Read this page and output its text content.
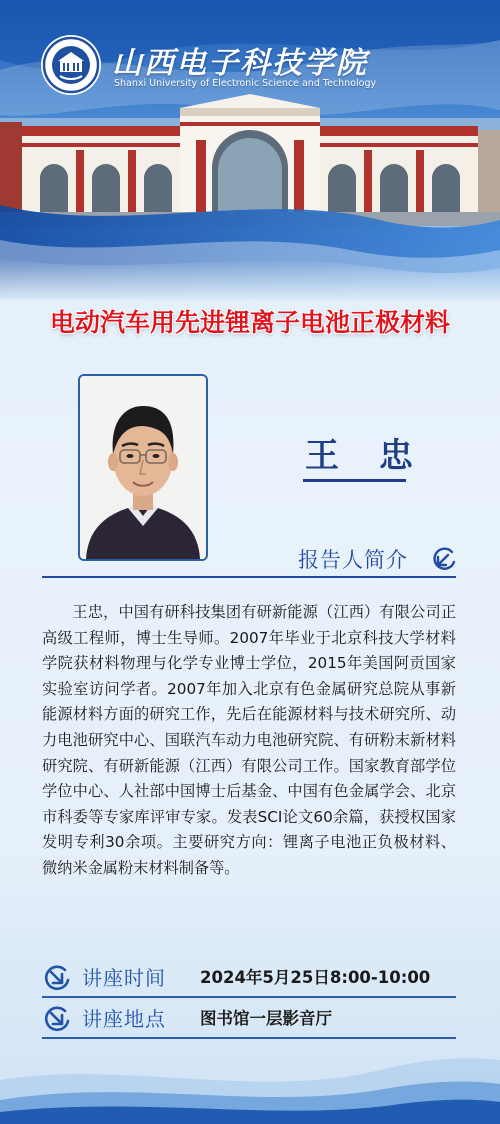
山西电子科技学院
Shanxi University of Electronic Science and Technology
电动汽车用先进锂离子电池正极材料
王 忠
报告人简介
王忠，中国有研科技集团有研新能源（江西）有限公司正高级工程师，博士生导师。2007年毕业于北京科技大学材料学院获材料物理与化学专业博士学位，2015年美国阿贡国家实验室访问学者。2007年加入北京有色金属研究总院从事新能源材料方面的研究工作，先后在能源材料与技术研究所、动力电池研究中心、国联汽车动力电池研究院、有研粉末新材料研究院、有研新能源（江西）有限公司工作。国家教育部学位学位中心、人社部中国博士后基金、中国有色金属学会、北京市科委等专家库评审专家。发表SCI论文60余篇，获授权国家发明专利30余项。主要研究方向：锂离子电池正负极材料、微纳米金属粉末材料制备等。
讲座时间 2024年5月25日8:00-10:00
讲座地点 图书馆一层影音厅
